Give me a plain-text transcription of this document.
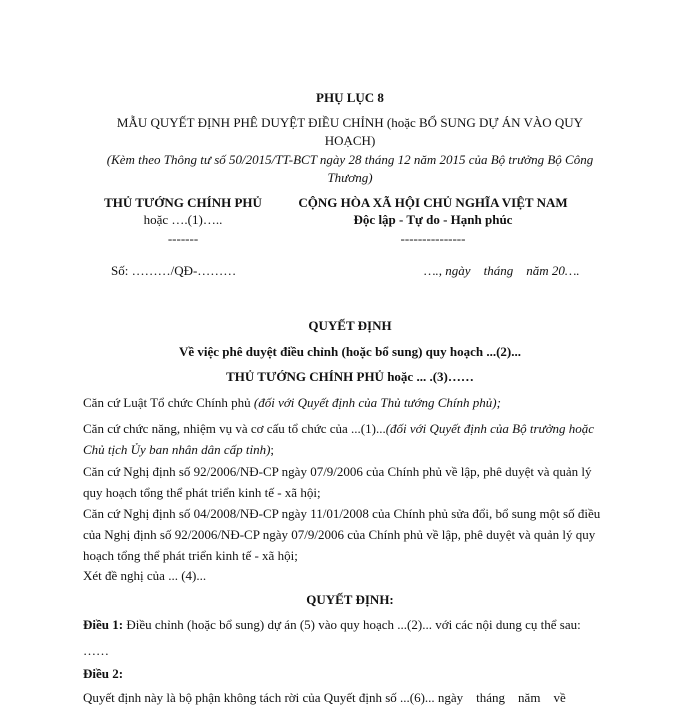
PHỤ LỤC 8
MẪU QUYẾT ĐỊNH PHÊ DUYỆT ĐIỀU CHỈNH (hoặc BỔ SUNG DỰ ÁN VÀO QUY
HOẠCH)
(Kèm theo Thông tư số 50/2015/TT-BCT ngày 28 tháng 12 năm 2015 của Bộ trưởng Bộ Công
Thương)
THỦ TƯỚNG CHÍNH PHỦ
hoặc ….(1)…..
-------
Số: ………/QĐ-………
CỘNG HÒA XÃ HỘI CHỦ NGHĨA VIỆT NAM
Độc lập - Tự do - Hạnh phúc
---------------
…., ngày    tháng    năm 20….
QUYẾT ĐỊNH
Về việc phê duyệt điều chỉnh (hoặc bổ sung) quy hoạch ...(2)...
THỦ TƯỚNG CHÍNH PHỦ hoặc ... .(3)……
Căn cứ Luật Tổ chức Chính phủ (đối với Quyết định của Thủ tướng Chính phủ);
Căn cứ chức năng, nhiệm vụ và cơ cấu tổ chức của ...(1)...(đối với Quyết định của Bộ trưởng hoặc Chủ tịch Ủy ban nhân dân cấp tỉnh);
Căn cứ Nghị định số 92/2006/NĐ-CP ngày 07/9/2006 của Chính phủ về lập, phê duyệt và quản lý quy hoạch tổng thể phát triển kinh tế - xã hội;
Căn cứ Nghị định số 04/2008/NĐ-CP ngày 11/01/2008 của Chính phủ sửa đổi, bổ sung một số điều của Nghị định số 92/2006/NĐ-CP ngày 07/9/2006 của Chính phủ về lập, phê duyệt và quản lý quy hoạch tổng thể phát triển kinh tế - xã hội;
Xét đề nghị của ... (4)...
QUYẾT ĐỊNH:
Điều 1: Điều chỉnh (hoặc bổ sung) dự án (5) vào quy hoạch ...(2)... với các nội dung cụ thể sau:
……
Điều 2:
Quyết định này là bộ phận không tách rời của Quyết định số ...(6)... ngày    tháng    năm    về
